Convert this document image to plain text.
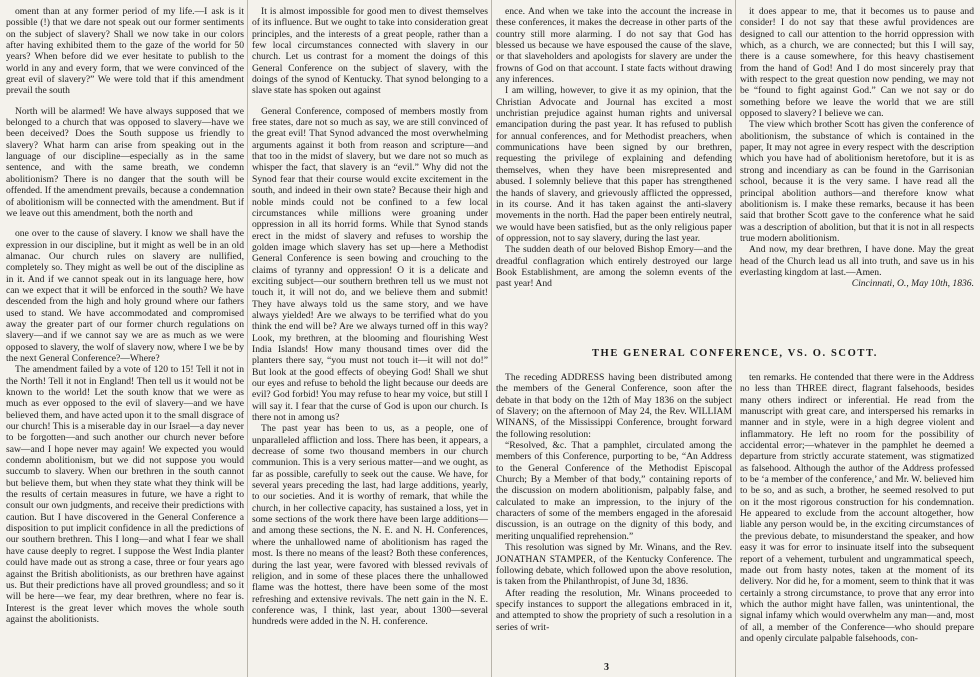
oment than at any former period of my life.—I ask is it possible (!) that we dare not speak out our former sentiments on the subject of slavery? Shall we now take in our colors after having exhibited them to the gaze of the world for 50 years? When before did we ever hesitate to publish to the world in any and every form, that we were convinced of the great evil of slavery?” We were told that if this amendment prevail the south

North will be alarmed! We have always supposed that we belonged to a church that was opposed to slavery—have we been deceived? Does the South suppose us friendly to slavery? What harm can arise from speaking out in the language of our discipline—especially as in the same sentence, and with the same breath, we condemn abolitionism? There is no danger that the south will be offended. If the amendment prevails, because a condemnation of abolitionism will be connected with the amendment. But if we leave out this amendment, both the north and

one over to the cause of slavery. I know we shall have the expression in our discipline, but it might as well be in an old almanac. Our church rules on slavery are nullified, completely so. They might as well be out of the discipline as in it. And if we cannot speak out in its language here, how can we expect that it will be enforced in the south? We have descended from the high and holy ground where our fathers used to stand. We have accommodated and compromised away the greater part of our former church regulations on slavery—and if we cannot say we are as much as we were opposed to slavery, the wolf of slavery now, where I we be by the next General Conference?—Where?

The amendment failed by a vote of 120 to 15! Tell it not in the North! Tell it not in England! Then tell us it would not be known to the world! Let the south know that we were as much as ever opposed to the evil of slavery—and we have believed them, and have acted upon it to the small disgrace of our church! This is a miserable day in our Israel—a day never to be forgotten—and such another our church never before saw—and I hope never may again! We expected you would condemn abolitionism, but we did not suppose you would succumb to slavery. When our brethren in the south cannot but believe them, but when they state what they think will be the results of certain measures in future, we have a right to consult our own judgments, and receive their predictions with caution. But I have discovered in the General Conference a disposition to put implicit confidence in all the predictions of our southern brethren. This I long—and what I fear we shall have cause deeply to regret. I suppose the West India planter could have made out as strong a case, three or four years ago against the British abolitionists, as our brethren have against us. But their predictions have all proved groundless; and so it will be here—we fear, my dear brethren, where no fear is. Interest is the great lever which moves the whole south against the abolitionists.

It is almost impossible for good men to divest themselves of its influence. But we ought to take into consideration great principles, and the interests of a great people, rather than a few local circumstances connected with slavery in our church. Let us contrast for a moment the doings of this General Conference on the subject of slavery, with the doings of the synod of Kentucky. That synod belonging to a slave state has spoken out against

General Conference, composed of members mostly from free states, dare not so much as say, we are still convinced of the great evil! That Synod advanced the most overwhelming arguments against it both from reason and scripture—and that too in the midst of slavery, but we dare not so much as whisper the fact, that slavery is an “evil.” Why did not the Synod fear that their course would excite excitement in the south, and indeed in their own state? Because their high and noble minds could not be confined to a few local circumstances while millions were groaning under oppression in all its horrid forms. While that Synod stands erect in the midst of slavery and refuses to worship the golden image which slavery has set up—here a Methodist General Conference is seen bowing and crouching to the claims of tyranny and oppression! O it is a delicate and exciting subject—our southern brethren tell us we must not touch it, it will not do, and we believe them and submit! They have always told us the same story, and we have always yielded! Are we always to be terrified what do you think the end will be? Are we always turned off in this way? Look, my brethren, at the blooming and flourishing West India Islands! How many thousand times over did the planters there say, “you must not touch it—it will not do!” But look at the good effects of obeying God! Shall we shut our eyes and refuse to behold the light because our deeds are evil? God forbid! You may refuse to hear my voice, but still I will say it. I fear that the curse of God is upon our church. Is there not in among us?

The past year has been to us, as a people, one of unparalleled affliction and loss. There has been, it appears, a decrease of some two thousand members in our church communion. This is a very serious matter—and we ought, as far as possible, carefully to seek out the cause. We have, for several years preceding the last, had large additions, yearly, to our societies. And it is worthy of remark, that while the church, in her collective capacity, has sustained a loss, yet in some sections of the work there have been large additions—and among these sections, the N. E. and N. H. Conferences, where the unhallowed name of abolitionism has raged the most. Is there no means of the least? Both these conferences, during the last year, were favored with blessed revivals of religion, and in some of these places there the unhallowed flame was the hottest, there have been some of the most refreshing and extensive revivals. The nett gain in the N. E. conference was, I think, last year, about 1300—several hundreds were added in the N. H. conference.

ence. And when we take into the account the increase in these conferences, it makes the decrease in other parts of the country still more alarming. I do not say that God has blessed us because we have espoused the cause of the slave, or that slaveholders and apologists for slavery are under the frowns of God on that account. I state facts without drawing any inferences.

I am willing, however, to give it as my opinion, that the Christian Advocate and Journal has excited a most unchristian prejudice against human rights and universal emancipation during the past year. It has refused to publish for annual conferences, and for Methodist preachers, when communications have been signed by our brethren, requesting the privilege of explaining and defending themselves, when they have been misrepresented and abused. I solemnly believe that this paper has strengthened the hands of slavery, and grievously afflicted the oppressed, in its course. And it has taken against the anti-slavery movements in the north. Had the paper been entirely neutral, we would have been satisfied, but as the only religious paper of oppression, not to say slavery, during the last year.

The sudden death of our beloved Bishop Emory—and the dreadful conflagration which entirely destroyed our large Book Establishment, are among the solemn events of the past year! And

it does appear to me, that it becomes us to pause and consider! I do not say that these awful providences are designed to call our attention to the horrid oppression with which, as a church, we are connected; but this I will say, there is a cause somewhere, for this heavy chastisement from the hand of God! And I do most sincerely pray that with respect to the great question now pending, we may not be “found to fight against God.” Can we not say or do something before we leave the world that we are still opposed to slavery? I believe we can.

The view which brother Scott has given the conference of abolitionism, the substance of which is contained in the paper, It may not agree in every respect with the description which you have had of abolitionism heretofore, but it is as strong and incendiary as can be found in the Garrisonian school, because it is the very same. I have read all the principal abolition authors—and therefore know what abolitionism is. I make these remarks, because it has been said that brother Scott gave to the conference what he said was a description of abolition, but that it is not in all respects true modern abolitionism.

And now, my dear brethren, I have done. May the great head of the Church lead us all into truth, and save us in his everlasting kingdom at last.—Amen.

Cincinnati, O., May 10th, 1836.

THE GENERAL CONFERENCE, VS. O. SCOTT.

The receding ADDRESS having been distributed among the members of the General Conference, soon after the debate in that body on the 12th of May 1836 on the subject of Slavery; on the afternoon of May 24, the Rev. WILLIAM WINANS, of the Mississippi Conference, brought forward the following resolution:

“Resolved, &c. That a pamphlet, circulated among the members of this Conference, purporting to be, “An Address to the General Conference of the Methodist Episcopal Church; By a Member of that body,” containing reports of the discussion on modern abolitionism, palpably false, and calculated to make an impression, to the injury of the characters of some of the members engaged in the aforesaid discussion, is an outrage on the dignity of this body, and meriting unqualified reprehension.”

This resolution was signed by Mr. Winans, and the Rev. JONATHAN STAMPER, of the Kentucky Conference. The following debate, which followed upon the above resolution, is taken from the Philanthropist, of June 3d, 1836.

After reading the resolution, Mr. Winans proceeded to specify instances to support the allegations embraced in it, and attempted to show the propriety of such a resolution in a series of writ-

ten remarks. He contended that there were in the Address no less than THREE direct, flagrant falsehoods, besides many others indirect or inferential. He read from the manuscript with great care, and interspersed his remarks in manner and in style, were in a high degree violent and inflammatory. He left no room for the possibility of accidental error;—whatever in the pamphlet he deemed a departure from strictly accurate statement, was stigmatized as falsehood. Although the author of the Address professed to be ‘a member of the conference,’ and Mr. W. believed him to be so, and as such, a brother, he seemed resolved to put on it the most rigorous construction for his condemnation. He appeared to exclude from the account altogether, how liable any person would be, in the exciting circumstances of the previous debate, to misunderstand the speaker, and how easy it was for error to insinuate itself into the subsequent report of a vehement, turbulent and ungrammatical speech, made out from hasty notes, taken at the moment of its delivery. Nor did he, for a moment, seem to think that it was certainly a strong circumstance, to prove that any error into which the author might have fallen, was unintentional, the signal infamy which would overwhelm any man—and, most of all, a member of the Conference—who should prepare and openly circulate palpable falsehoods, con-

3
